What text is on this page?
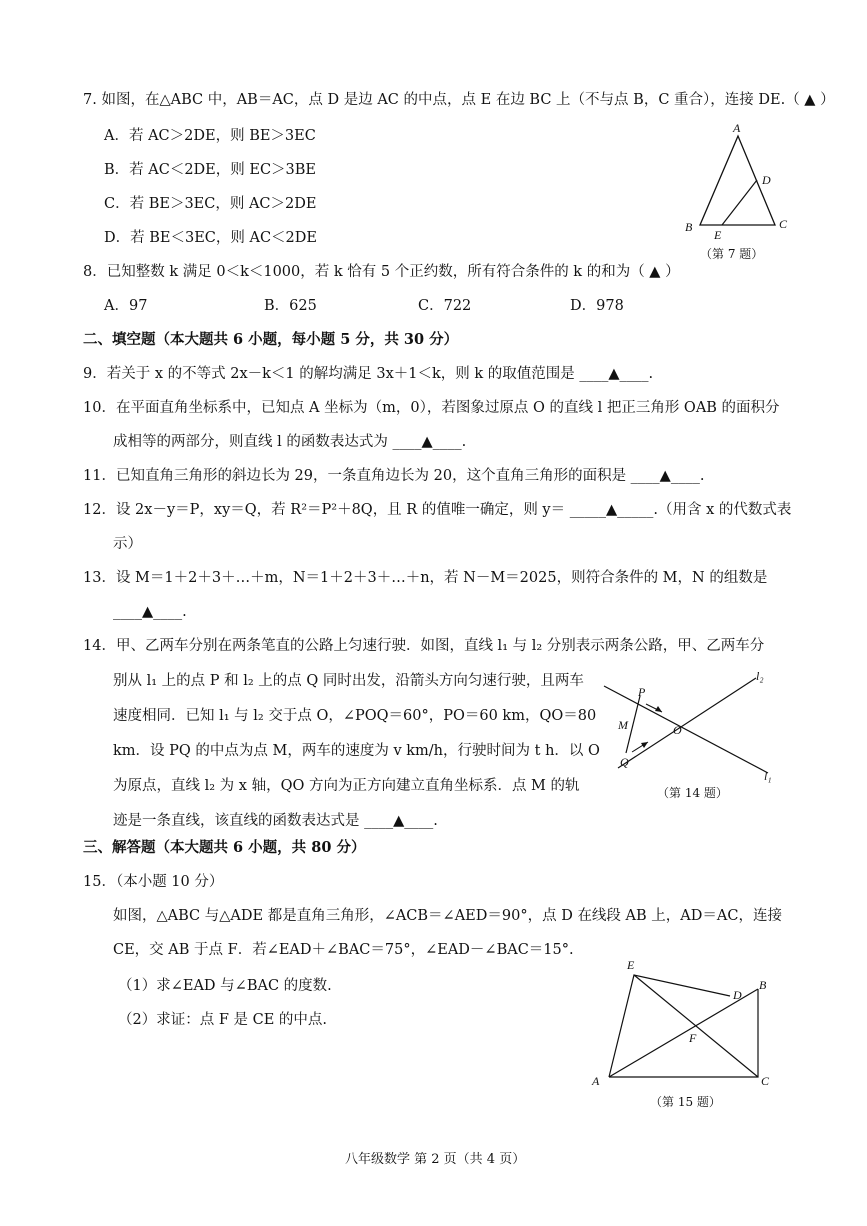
7. 如图，在△ABC 中，AB＝AC，点 D 是边 AC 的中点，点 E 在边 BC 上（不与点 B，C 重合），连接 DE.（ ▲ ）
A．若 AC＞2DE，则 BE＞3EC
B．若 AC＜2DE，则 EC＞3BE
C．若 BE＞3EC，则 AC＞2DE
D．若 BE＜3EC，则 AC＜2DE
A
B	C
D
E
（第 7 题）
8．已知整数 k 满足 0＜k＜1000，若 k 恰有 5 个正约数，所有符合条件的 k 的和为（ ▲ ）
A．97	B．625	C．722	D．978
二、填空题（本大题共 6 小题，每小题 5 分，共 30 分）
9．若关于 x 的不等式 2x－k＜1 的解均满足 3x＋1＜k，则 k 的取值范围是 ____▲____.
10．在平面直角坐标系中，已知点 A 坐标为（m，0），若图象过原点 O 的直线 l 把正三角形 OAB 的面积分
成相等的两部分，则直线 l 的函数表达式为 ____▲____.
11．已知直角三角形的斜边长为 29，一条直角边长为 20，这个直角三角形的面积是 ____▲____.
12．设 2x－y＝P，xy＝Q，若 R²＝P²＋8Q，且 R 的值唯一确定，则 y＝ _____▲_____.（用含 x 的代数式表
示）
13．设 M＝1＋2＋3＋…＋m，N＝1＋2＋3＋…＋n，若 N－M＝2025，则符合条件的 M，N 的组数是
____▲____.
14．甲、乙两车分别在两条笔直的公路上匀速行驶．如图，直线 l₁ 与 l₂ 分别表示两条公路，甲、乙两车分
别从 l₁ 上的点 P 和 l₂ 上的点 Q 同时出发，沿箭头方向匀速行驶，且两车
速度相同．已知 l₁ 与 l₂ 交于点 O，∠POQ＝60°，PO＝60 km，QO＝80
km．设 PQ 的中点为点 M，两车的速度为 v km/h，行驶时间为 t h．以 O
为原点，直线 l₂ 为 x 轴，QO 方向为正方向建立直角坐标系．点 M 的轨
迹是一条直线，该直线的函数表达式是 ____▲____.
P
M
Q
O
l₂
l₁
（第 14 题）
三、解答题（本大题共 6 小题，共 80 分）
15．（本小题 10 分）
如图，△ABC 与△ADE 都是直角三角形，∠ACB＝∠AED＝90°，点 D 在线段 AB 上，AD＝AC，连接
CE，交 AB 于点 F．若∠EAD＋∠BAC＝75°，∠EAD－∠BAC＝15°.
（1）求∠EAD 与∠BAC 的度数.
（2）求证：点 F 是 CE 的中点.
E
D
B
F
A	C
（第 15 题）
八年级数学 第 2 页（共 4 页）
